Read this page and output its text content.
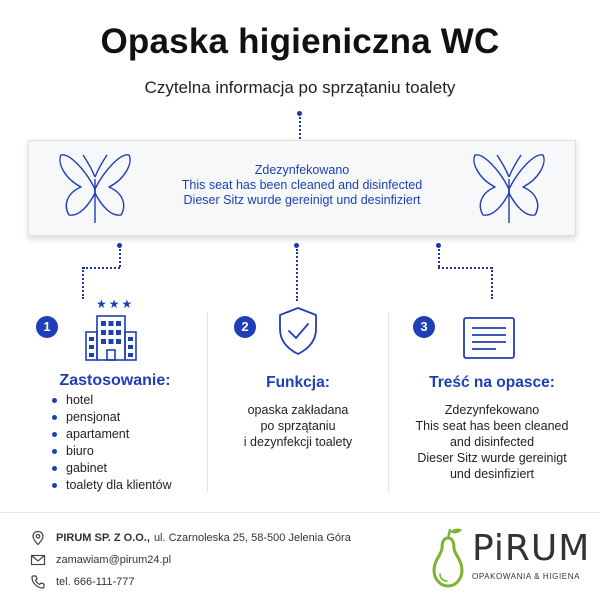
Opaska higieniczna WC
Czytelna informacja po sprzątaniu toalety
Zdezynfekowano
This seat has been cleaned and disinfected
Dieser Sitz wurde gereinigt und desinfiziert
1
★★★
Zastosowanie:
hotel
pensjonat
apartament
biuro
gabinet
toalety dla klientów
2
Funkcja:
opaska zakładana
po sprzątaniu
i dezynfekcji toalety
3
Treść na opasce:
Zdezynfekowano
This seat has been cleaned
and disinfected
Dieser Sitz wurde gereinigt
und desinfiziert
PIRUM SP. Z O.O., ul. Czarnoleska 25, 58-500 Jelenia Góra
zamawiam@pirum24.pl
tel. 666-111-777
PiRUM
OPAKOWANIA & HIGIENA
